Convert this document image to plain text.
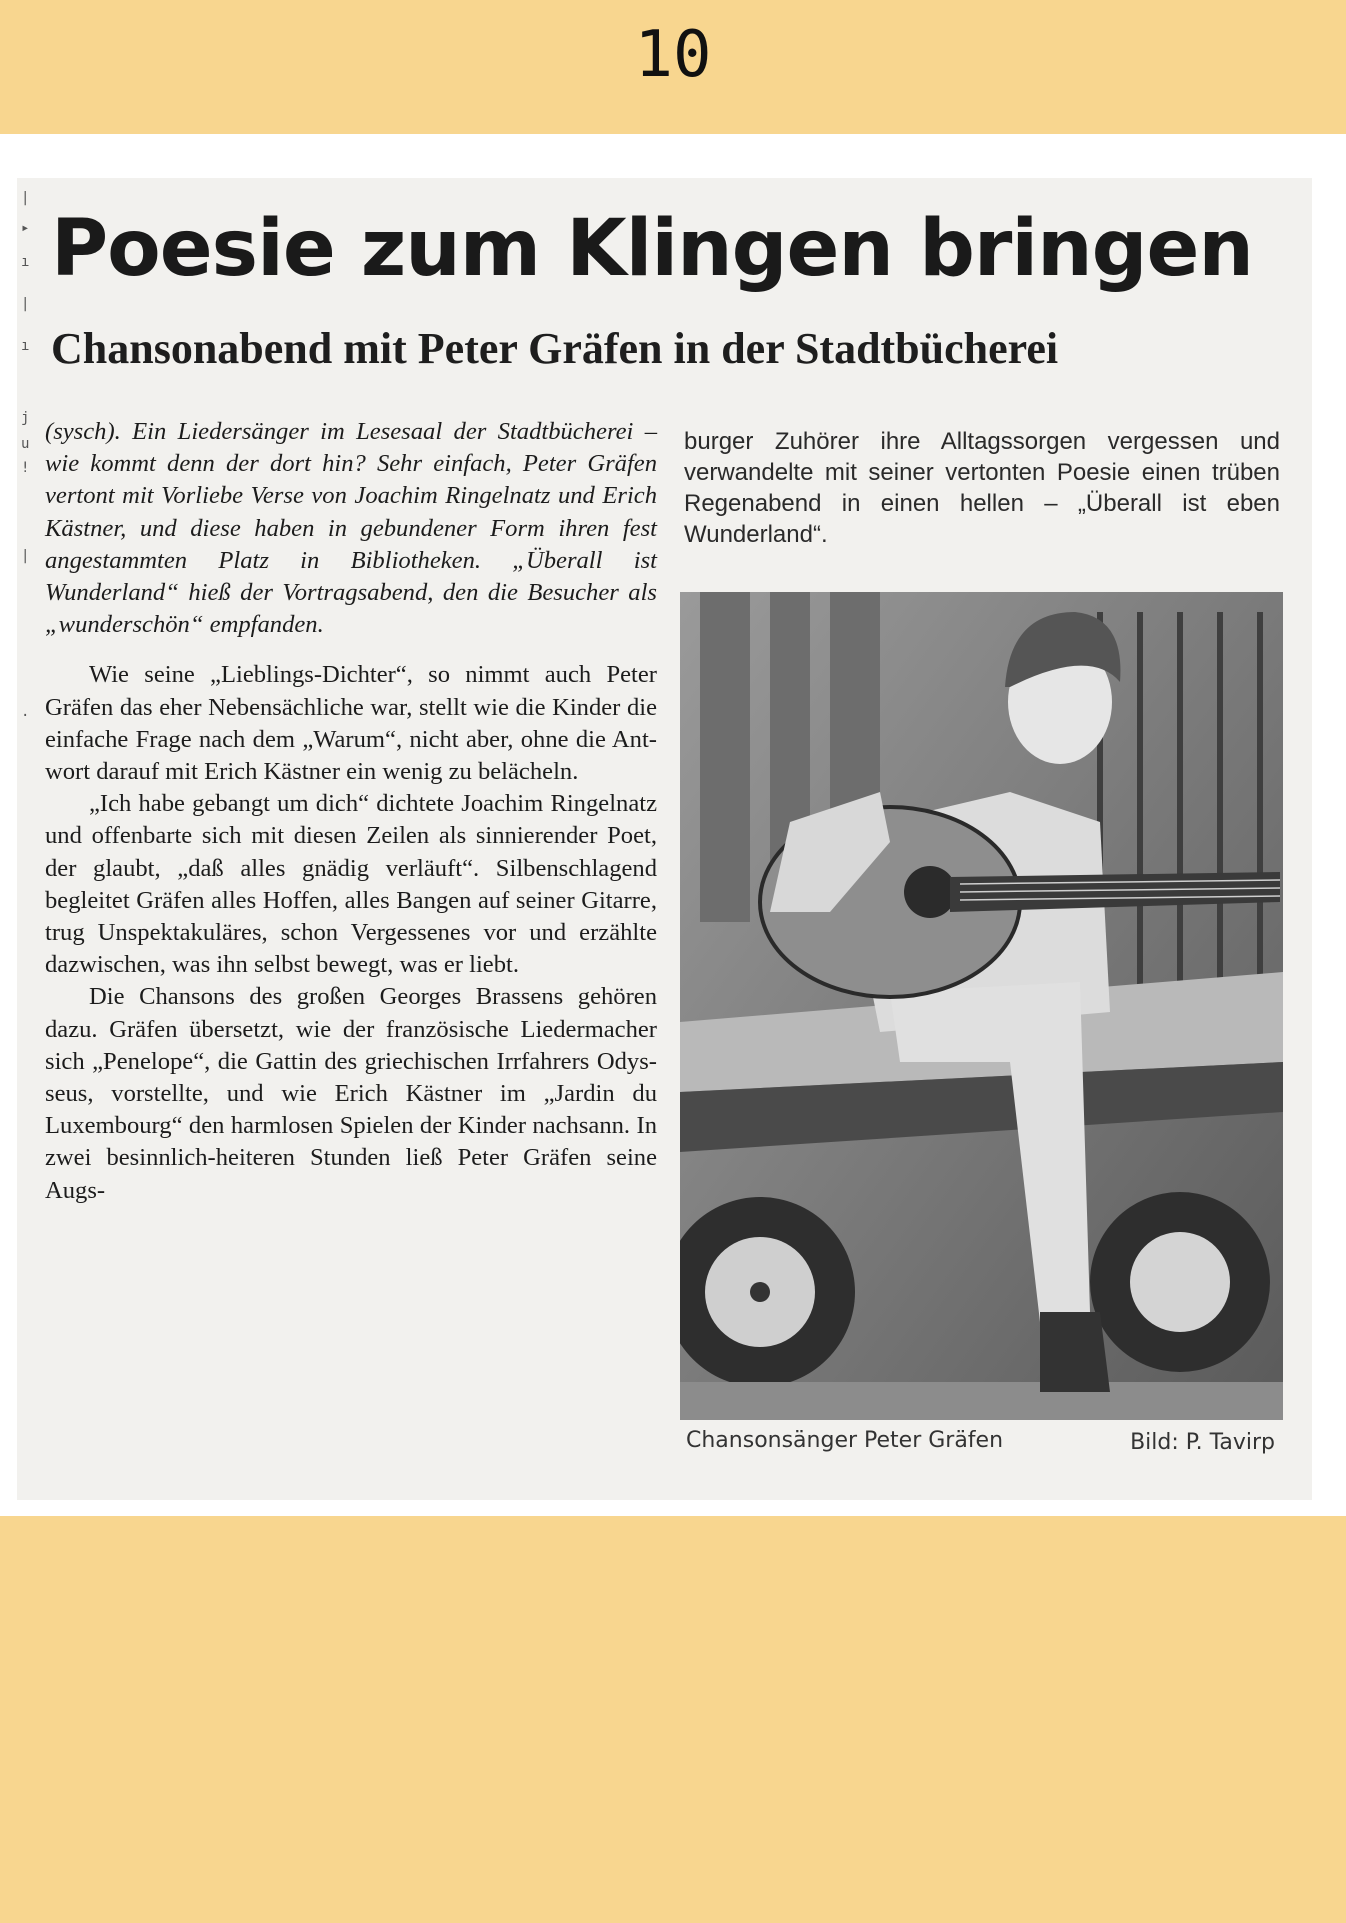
10
|
▸
ı
|
ı
j
u
!
|
·
Poesie zum Klingen bringen
Chansonabend mit Peter Gräfen in der Stadtbücherei

(sysch). Ein Liedersänger im Lesesaal der Stadtbücherei – wie kommt denn der dort hin? Sehr einfach, Peter Gräfen vertont mit Vorliebe Verse von Joachim Ringelnatz und Erich Kästner, und diese haben in gebundener Form ihren fest angestammten Platz in Bibliotheken. „Überall ist Wunderland“ hieß der Vortragsabend, den die Besucher als „wunderschön“ empfanden.

Wie seine „Lieblings-Dichter“, so nimmt auch Peter Gräfen das eher Nebensächliche war, stellt wie die Kinder die einfache Frage nach dem „Warum“, nicht aber, ohne die Antwort darauf mit Erich Kästner ein wenig zu belächeln.

„Ich habe gebangt um dich“ dichtete Joachim Ringelnatz und offenbarte sich mit diesen Zeilen als sinnierender Poet, der glaubt, „daß alles gnädig verläuft“. Silbenschlagend begleitet Gräfen alles Hoffen, alles Bangen auf seiner Gitarre, trug Unspektakuläres, schon Vergessenes vor und erzählte dazwischen, was ihn selbst bewegt, was er liebt.

Die Chansons des großen Georges Brassens gehören dazu. Gräfen übersetzt, wie der französische Liedermacher sich „Penelope“, die Gattin des griechischen Irrfahrers Odysseus, vorstellte, und wie Erich Kästner im „Jardin du Luxembourg“ den harmlosen Spielen der Kinder nachsann. In zwei besinnlich-heiteren Stunden ließ Peter Gräfen seine Augs-

burger Zuhörer ihre Alltagssorgen vergessen und verwandelte mit seiner vertonten Poesie einen trüben Regenabend in einen hellen – „Überall ist eben Wunderland“.

Chansonsänger Peter Gräfen	Bild: P. Tavirp
